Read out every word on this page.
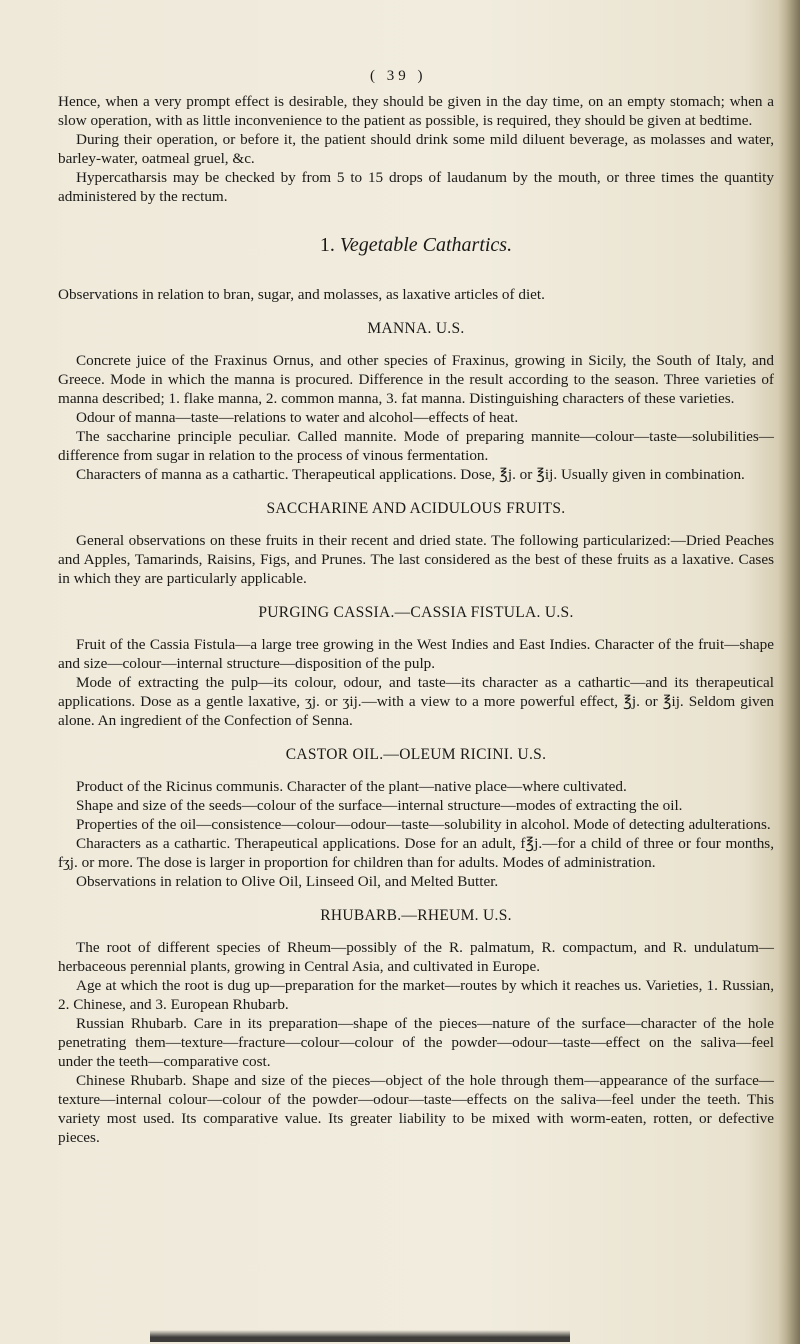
( 39 )

Hence, when a very prompt effect is desirable, they should be given in the day time, on an empty stomach; when a slow operation, with as little inconvenience to the patient as possible, is required, they should be given at bedtime.

During their operation, or before it, the patient should drink some mild diluent beverage, as molasses and water, barley-water, oatmeal gruel, &c.

Hypercatharsis may be checked by from 5 to 15 drops of laudanum by the mouth, or three times the quantity administered by the rectum.

1. Vegetable Cathartics.

Observations in relation to bran, sugar, and molasses, as laxative articles of diet.

MANNA. U.S.

Concrete juice of the Fraxinus Ornus, and other species of Fraxinus, growing in Sicily, the South of Italy, and Greece. Mode in which the manna is procured. Difference in the result according to the season. Three varieties of manna described; 1. flake manna, 2. common manna, 3. fat manna. Distinguishing characters of these varieties.

Odour of manna—taste—relations to water and alcohol—effects of heat.

The saccharine principle peculiar. Called mannite. Mode of preparing mannite—colour—taste—solubilities—difference from sugar in relation to the process of vinous fermentation.

Characters of manna as a cathartic. Therapeutical applications. Dose, ℥j. or ℥ij. Usually given in combination.

SACCHARINE AND ACIDULOUS FRUITS.

General observations on these fruits in their recent and dried state. The following particularized:—Dried Peaches and Apples, Tamarinds, Raisins, Figs, and Prunes. The last considered as the best of these fruits as a laxative. Cases in which they are particularly applicable.

PURGING CASSIA.—CASSIA FISTULA. U.S.

Fruit of the Cassia Fistula—a large tree growing in the West Indies and East Indies. Character of the fruit—shape and size—colour—internal structure—disposition of the pulp.

Mode of extracting the pulp—its colour, odour, and taste—its character as a cathartic—and its therapeutical applications. Dose as a gentle laxative, ʒj. or ʒij.—with a view to a more powerful effect, ℥j. or ℥ij. Seldom given alone. An ingredient of the Confection of Senna.

CASTOR OIL.—OLEUM RICINI. U.S.

Product of the Ricinus communis. Character of the plant—native place—where cultivated.

Shape and size of the seeds—colour of the surface—internal structure—modes of extracting the oil.

Properties of the oil—consistence—colour—odour—taste—solubility in alcohol. Mode of detecting adulterations.

Characters as a cathartic. Therapeutical applications. Dose for an adult, f℥j.—for a child of three or four months, fʒj. or more. The dose is larger in proportion for children than for adults. Modes of administration.

Observations in relation to Olive Oil, Linseed Oil, and Melted Butter.

RHUBARB.—RHEUM. U.S.

The root of different species of Rheum—possibly of the R. palmatum, R. compactum, and R. undulatum—herbaceous perennial plants, growing in Central Asia, and cultivated in Europe.

Age at which the root is dug up—preparation for the market—routes by which it reaches us. Varieties, 1. Russian, 2. Chinese, and 3. European Rhubarb.

Russian Rhubarb. Care in its preparation—shape of the pieces—nature of the surface—character of the hole penetrating them—texture—fracture—colour—colour of the powder—odour—taste—effect on the saliva—feel under the teeth—comparative cost.

Chinese Rhubarb. Shape and size of the pieces—object of the hole through them—appearance of the surface—texture—internal colour—colour of the powder—odour—taste—effects on the saliva—feel under the teeth. This variety most used. Its comparative value. Its greater liability to be mixed with worm-eaten, rotten, or defective pieces.
